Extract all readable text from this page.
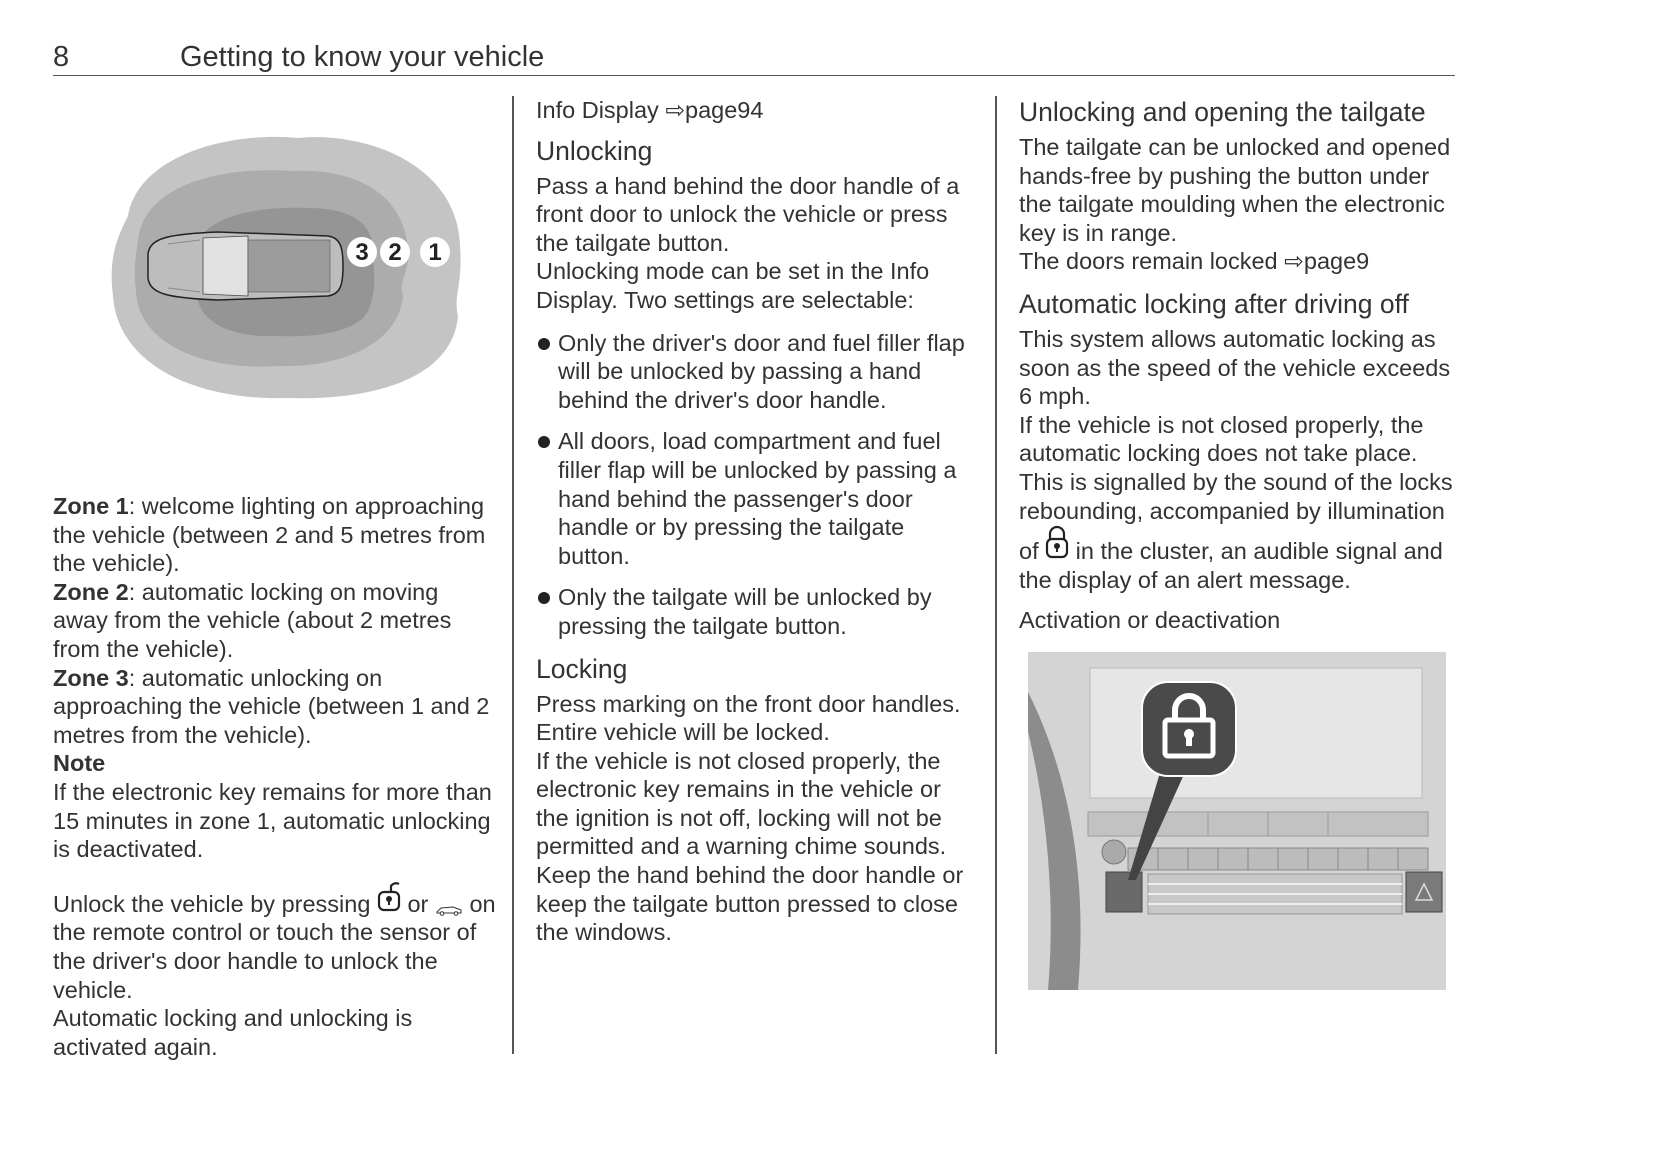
8	Getting to know your vehicle
3 2 1

Zone 1: welcome lighting on approaching the vehicle (between 2 and 5 metres from the vehicle).

Zone 2: automatic locking on moving away from the vehicle (about 2 metres from the vehicle).

Zone 3: automatic unlocking on approaching the vehicle (between 1 and 2 metres from the vehicle).

Note

If the electronic key remains for more than 15 minutes in zone 1, automatic unlocking is deactivated.

Unlock the vehicle by pressing or on the remote control or touch the sensor of the driver's door handle to unlock the vehicle.

Automatic locking and unlocking is activated again.

Info Display ⇨page94

Unlocking

Pass a hand behind the door handle of a front door to unlock the vehicle or press the tailgate button.

Unlocking mode can be set in the Info Display. Two settings are selectable:

Only the driver's door and fuel filler flap will be unlocked by passing a hand behind the driver's door handle.
All doors, load compartment and fuel filler flap will be unlocked by passing a hand behind the passenger's door handle or by pressing the tailgate button.
Only the tailgate will be unlocked by pressing the tailgate button.
Locking

Press marking on the front door handles. Entire vehicle will be locked.

If the vehicle is not closed properly, the electronic key remains in the vehicle or the ignition is not off, locking will not be permitted and a warning chime sounds.

Keep the hand behind the door handle or keep the tailgate button pressed to close the windows.

Unlocking and opening the tailgate

The tailgate can be unlocked and opened hands-free by pushing the button under the tailgate moulding when the electronic key is in range.

The doors remain locked ⇨page9

Automatic locking after driving off

This system allows automatic locking as soon as the speed of the vehicle exceeds 6 mph.

If the vehicle is not closed properly, the automatic locking does not take place. This is signalled by the sound of the locks rebounding, accompanied by illumination of in the cluster, an audible signal and the display of an alert message.

Activation or deactivation
